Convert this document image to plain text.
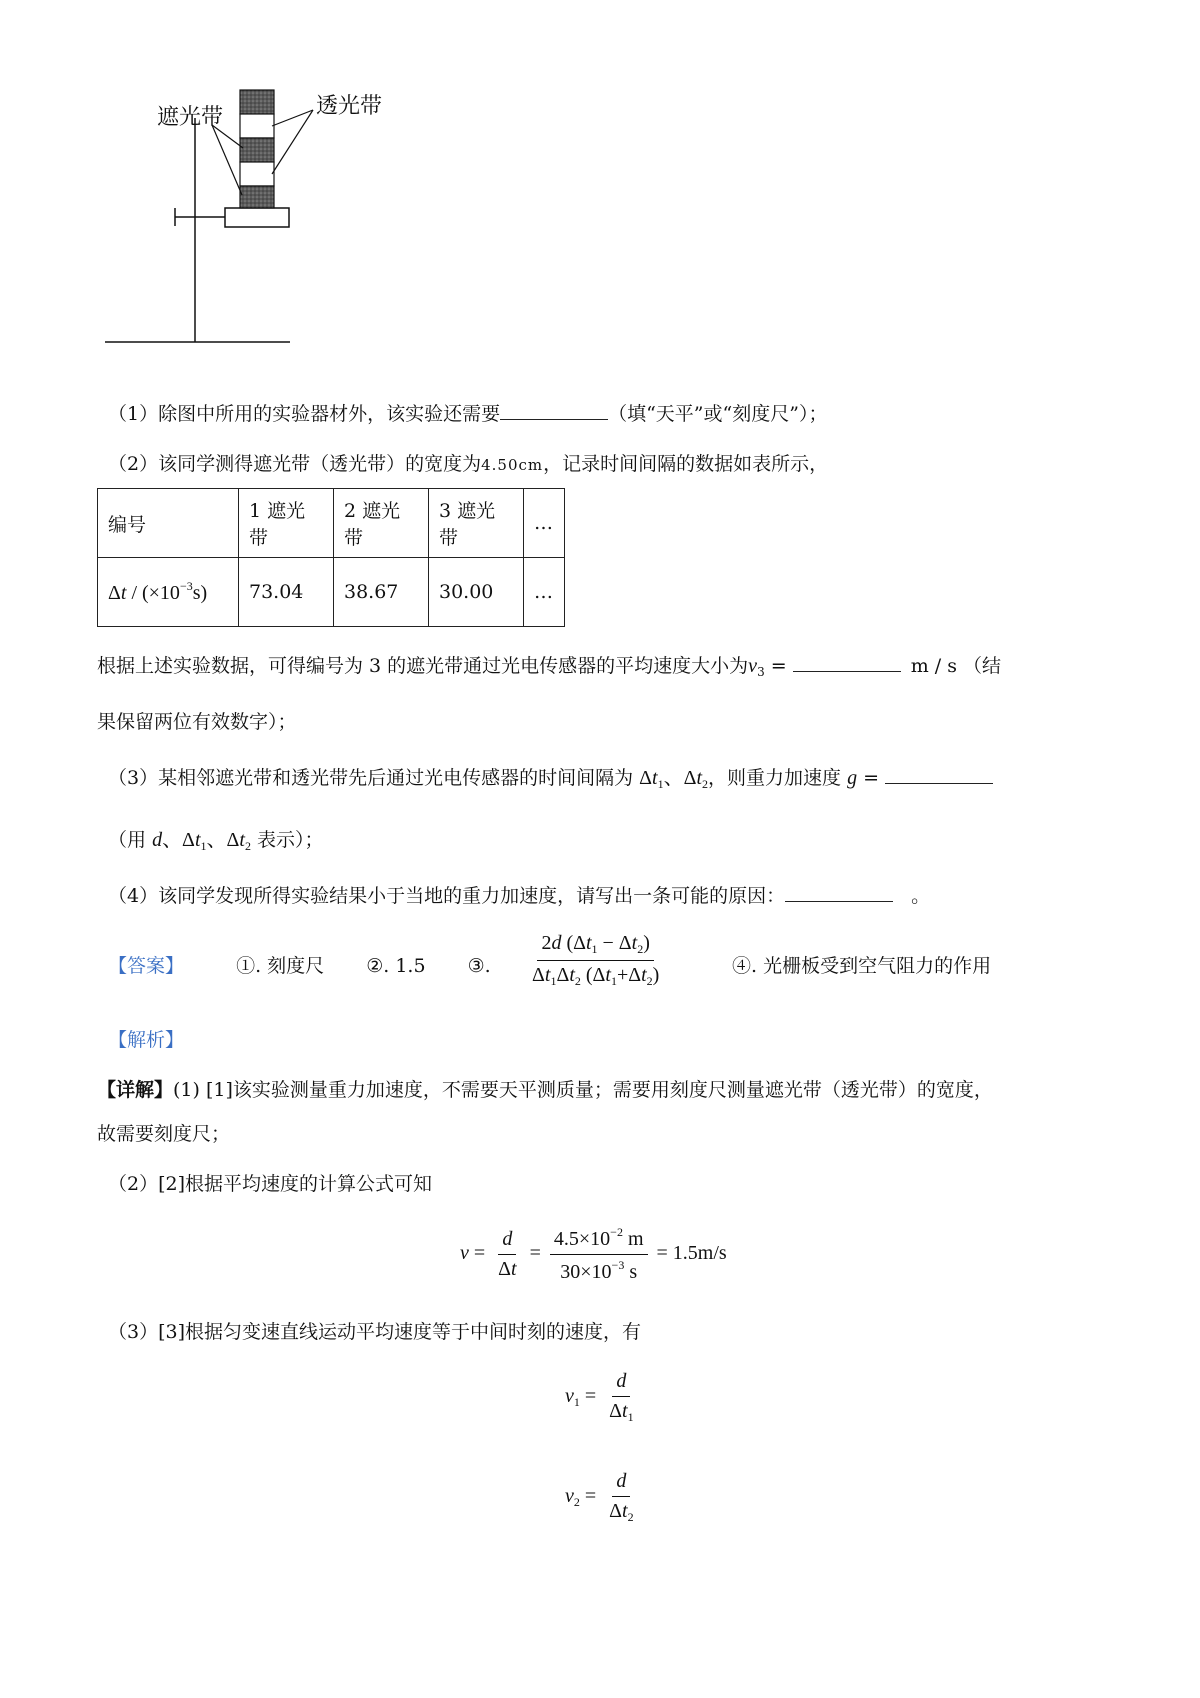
遮光带	透光带
（1）除图中所用的实验器材外，该实验还需要	（填“天平”或“刻度尺”）；
（2）该同学测得遮光带（透光带）的宽度为4.50cm，记录时间间隔的数据如表所示，
编号	1 遮光带	2 遮光带	3 遮光带	…
$\Delta t / (\times 10^{-3}s)$	73.04	38.67	30.00	…
根据上述实验数据，可得编号为 3 的遮光带通过光电传感器的平均速度大小为$v_3$ =	m / s （结
果保留两位有效数字）；
（3）某相邻遮光带和透光带先后通过光电传感器的时间间隔为 $\Delta t_1$、$\Delta t_2$，则重力加速度 g =
（用 d、$\Delta t_1$、$\Delta t_2$ 表示）；
（4）该同学发现所得实验结果小于当地的重力加速度，请写出一条可能的原因：	。
【答案】	①. 刻度尺 ②. 1.5 ③. $\frac{2d (\Delta t_1 - \Delta t_2)}{\Delta t_1\Delta t_2 (\Delta t_1+\Delta t_2)}$	④. 光栅板受到空气阻力的作用
【解析】
【详解】(1) [1]该实验测量重力加速度，不需要天平测质量；需要用刻度尺测量遮光带（透光带）的宽度，
故需要刻度尺；
（2）[2]根据平均速度的计算公式可知
$v = \frac{d}{\Delta t} = \frac{4.5\times 10^{-2} m}{30\times 10^{-3} s} = 1.5m/s$
（3）[3]根据匀变速直线运动平均速度等于中间时刻的速度，有
$v_1 = \frac{d}{\Delta t_1}$
$v_2 = \frac{d}{\Delta t_2}$
